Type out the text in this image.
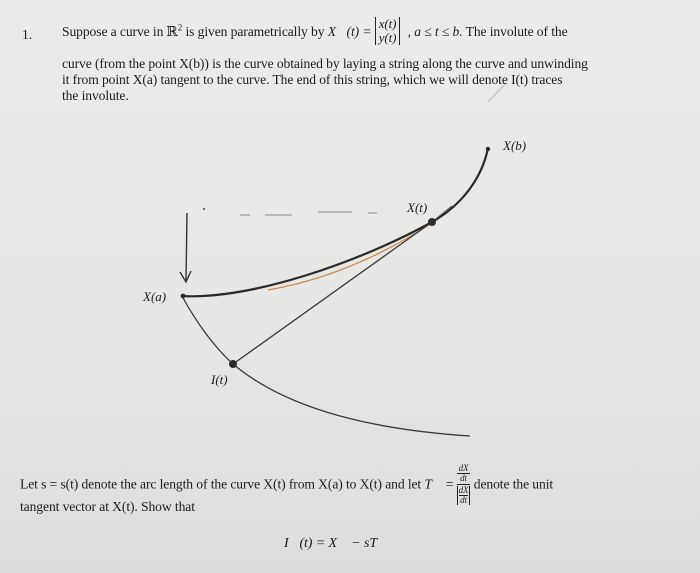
1. Suppose a curve in ℝ$^2$ is given parametrically by X⃗(t) =
x(t)
y(t) , a ≤ t ≤ b. The involute of the
curve (from the point X(b)) is the curve obtained by laying a string along the curve and unwinding
it from point X(a) tangent to the curve. The end of this string, which we will denote I(t) traces
the involute.
X(b)
X(t)
X(a)
I(t)
Let s = s(t) denote the arc length of the curve X(t) from X(a) to X(t) and let T⃗ = dX
dt
dX
dt denote the unit
tangent vector at X(t). Show that
I⃗(t) = X⃗ − sT⃗
